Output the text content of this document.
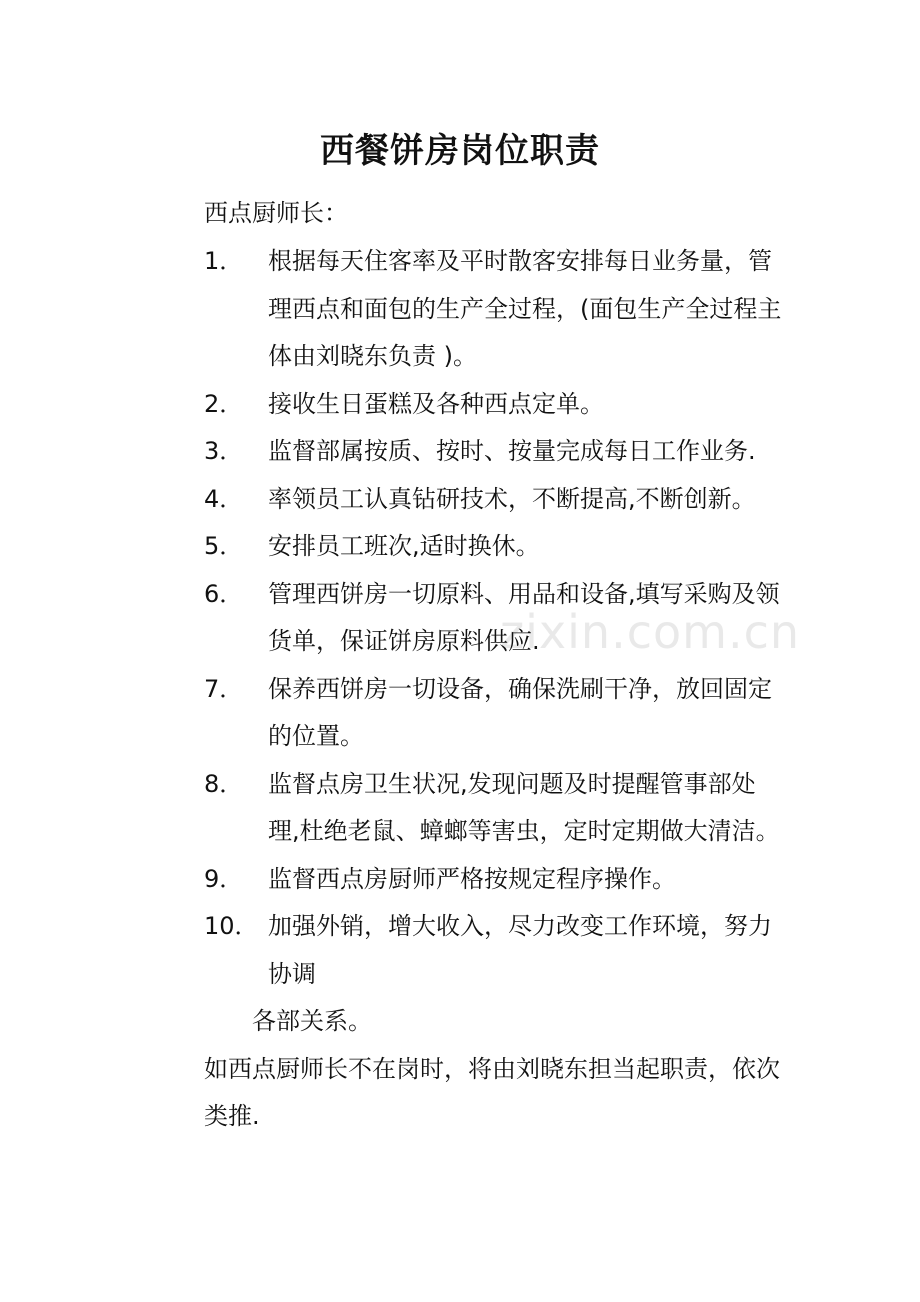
zixin.com.cn
西餐饼房岗位职责
西点厨师长：
1．	根据每天住客率及平时散客安排每日业务量，管理西点和面包的生产全过程，(面包生产全过程主体由刘晓东负责 )。
2．	接收生日蛋糕及各种西点定单。
3．	监督部属按质、按时、按量完成每日工作业务.
4．	率领员工认真钻研技术，不断提高,不断创新。
5．	安排员工班次,适时换休。
6．	管理西饼房一切原料、用品和设备,填写采购及领货单，保证饼房原料供应.
7．	保养西饼房一切设备，确保洗刷干净，放回固定的位置。
8．	监督点房卫生状况,发现问题及时提醒管事部处理,杜绝老鼠、蟑螂等害虫，定时定期做大清洁。
9．	监督西点房厨师严格按规定程序操作。
10． 加强外销，增大收入，尽力改变工作环境，努力协调
各部关系。
如西点厨师长不在岗时，将由刘晓东担当起职责，依次类推.
